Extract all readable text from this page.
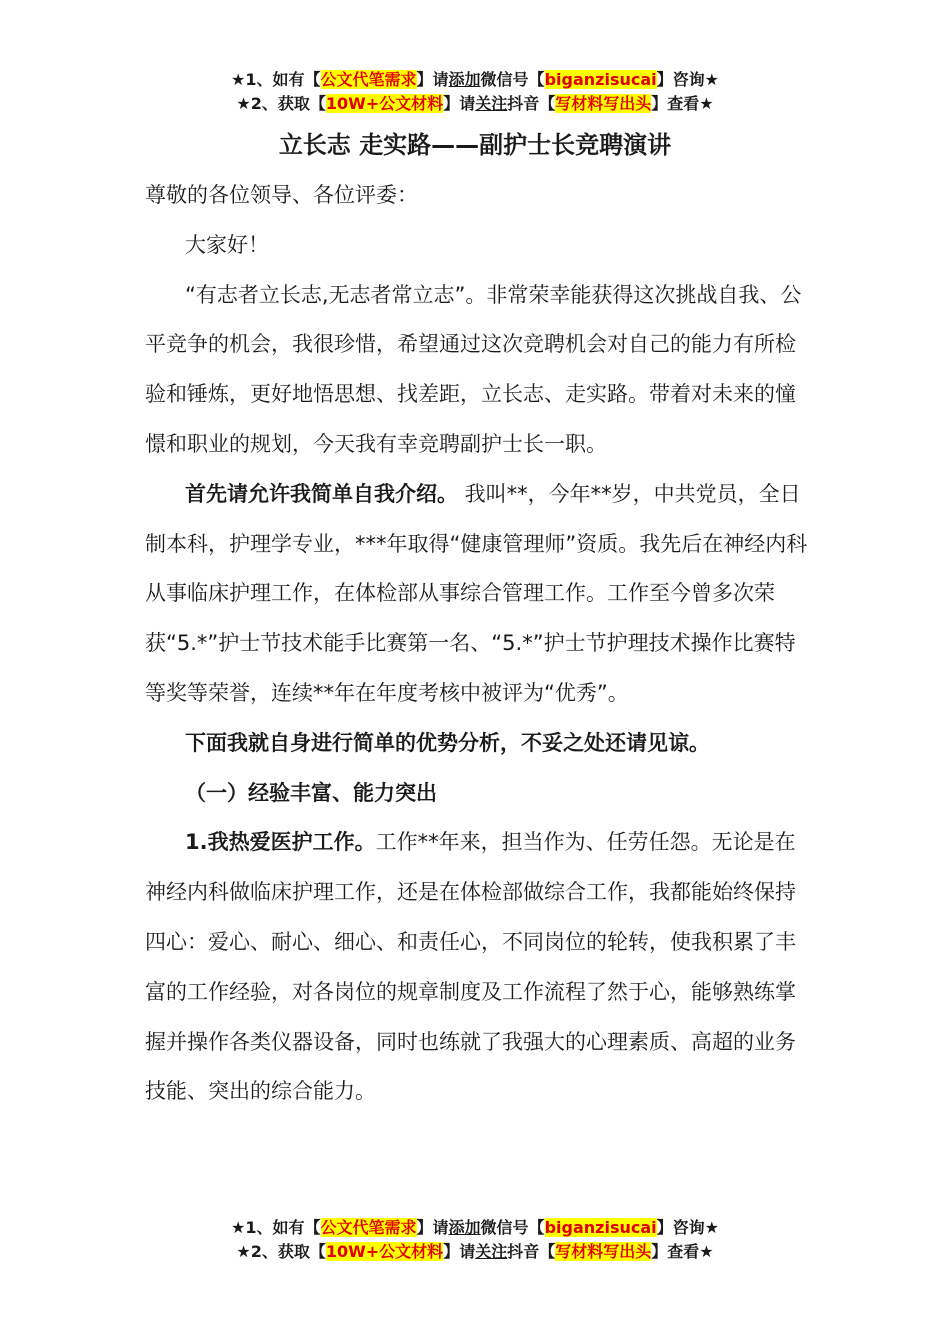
★1、如有【公文代笔需求】请添加微信号【biganzisucai】咨询★
★2、获取【10W+公文材料】请关注抖音【写材料写出头】查看★
立长志 走实路——副护士长竞聘演讲

尊敬的各位领导、各位评委：

大家好！

“有志者立长志,无志者常立志”。非常荣幸能获得这次挑战自我、公平竞争的机会，我很珍惜，希望通过这次竞聘机会对自己的能力有所检验和锤炼，更好地悟思想、找差距，立长志、走实路。带着对未来的憧憬和职业的规划，今天我有幸竞聘副护士长一职。

首先请允许我简单自我介绍。 我叫**，今年**岁，中共党员，全日制本科，护理学专业，***年取得“健康管理师”资质。我先后在神经内科从事临床护理工作，在体检部从事综合管理工作。工作至今曾多次荣获“5.*”护士节技术能手比赛第一名、“5.*”护士节护理技术操作比赛特等奖等荣誉，连续**年在年度考核中被评为“优秀”。

下面我就自身进行简单的优势分析，不妥之处还请见谅。

（一）经验丰富、能力突出

1.我热爱医护工作。工作**年来，担当作为、任劳任怨。无论是在神经内科做临床护理工作，还是在体检部做综合工作，我都能始终保持四心：爱心、耐心、细心、和责任心，不同岗位的轮转，使我积累了丰富的工作经验，对各岗位的规章制度及工作流程了然于心，能够熟练掌握并操作各类仪器设备，同时也练就了我强大的心理素质、高超的业务技能、突出的综合能力。

★1、如有【公文代笔需求】请添加微信号【biganzisucai】咨询★
★2、获取【10W+公文材料】请关注抖音【写材料写出头】查看★
